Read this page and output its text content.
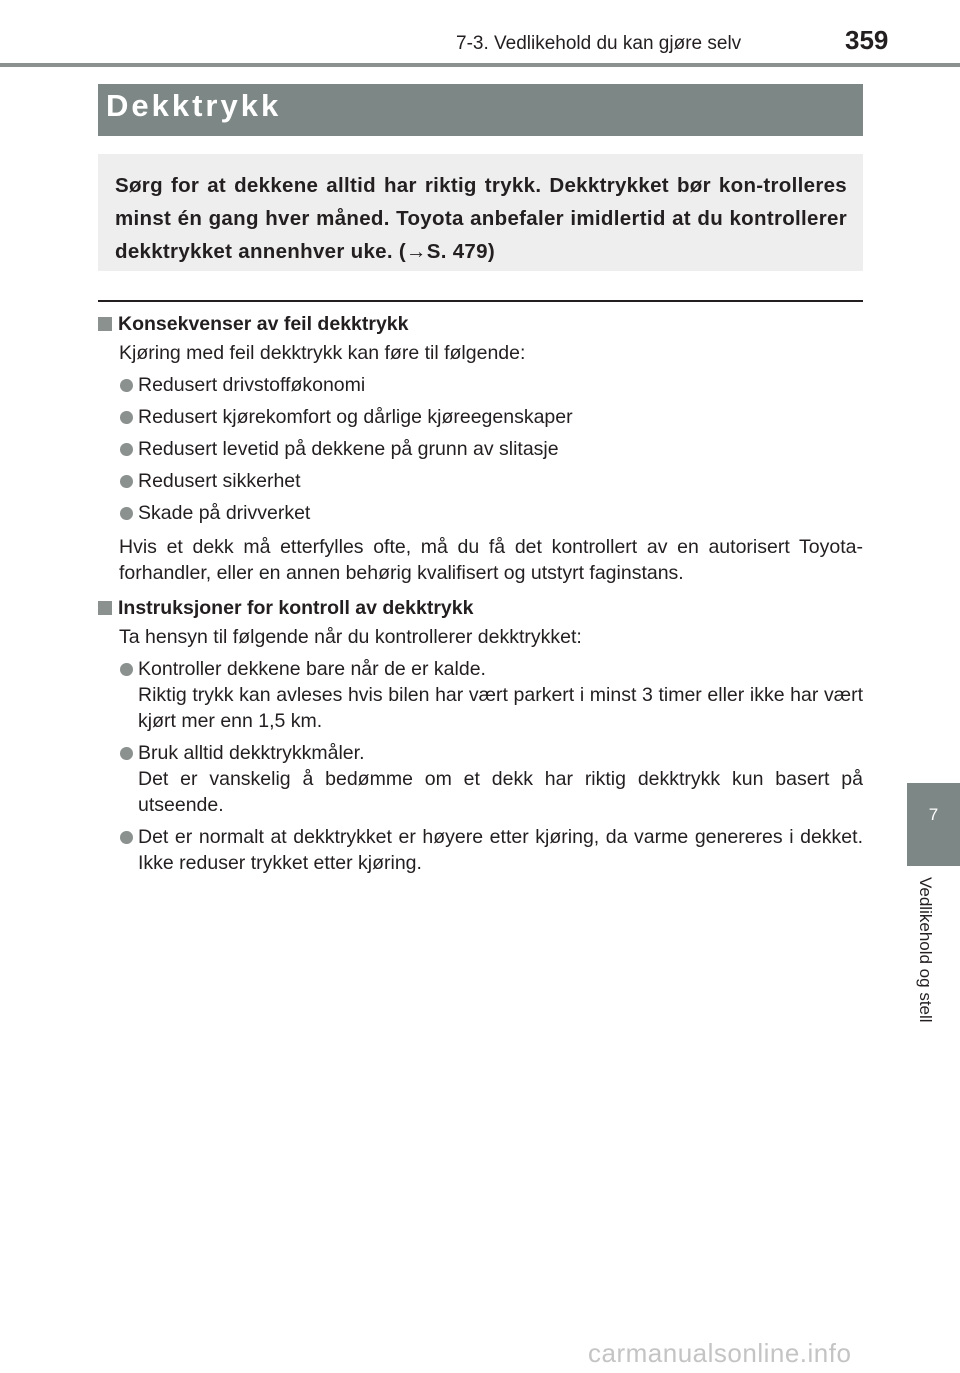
7-3. Vedlikehold du kan gjøre selv	359
Dekktrykk

Sørg for at dekkene alltid har riktig trykk. Dekktrykket bør kon-trolleres minst én gang hver måned. Toyota anbefaler imidlertid at du kontrollerer dekktrykket annenhver uke. (→S. 479)

Konsekvenser av feil dekktrykk
Kjøring med feil dekktrykk kan føre til følgende:
Redusert drivstofføkonomi
Redusert kjørekomfort og dårlige kjøreegenskaper
Redusert levetid på dekkene på grunn av slitasje
Redusert sikkerhet
Skade på drivverket
Hvis et dekk må etterfylles ofte, må du få det kontrollert av en autorisert Toyota-forhandler, eller en annen behørig kvalifisert og utstyrt faginstans.
Instruksjoner for kontroll av dekktrykk
Ta hensyn til følgende når du kontrollerer dekktrykket:
Kontroller dekkene bare når de er kalde.
Riktig trykk kan avleses hvis bilen har vært parkert i minst 3 timer eller ikke har vært kjørt mer enn 1,5 km.
Bruk alltid dekktrykkmåler.
Det er vanskelig å bedømme om et dekk har riktig dekktrykk kun basert på utseende.
Det er normalt at dekktrykket er høyere etter kjøring, da varme genereres i dekket. Ikke reduser trykket etter kjøring.
7
Vedlikehold og stell
carmanualsonline.info
